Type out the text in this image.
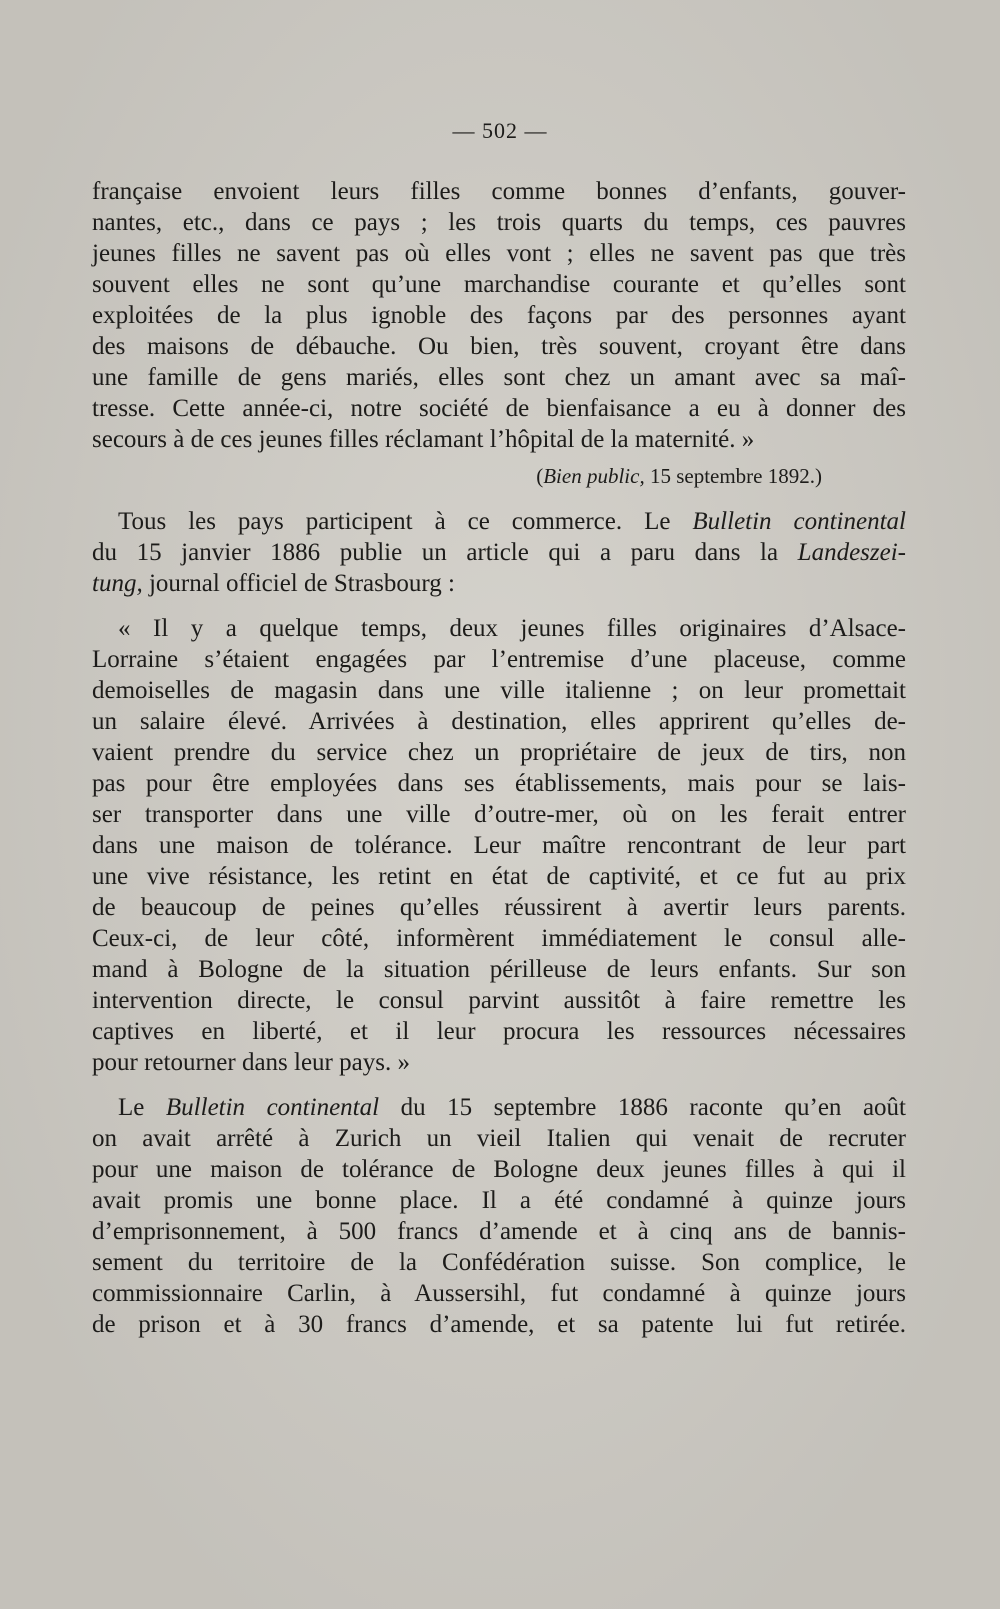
— 502 —
française envoient leurs filles comme bonnes d’enfants, gouver-
nantes, etc., dans ce pays ; les trois quarts du temps, ces pauvres
jeunes filles ne savent pas où elles vont ; elles ne savent pas que très
souvent elles ne sont qu’une marchandise courante et qu’elles sont
exploitées de la plus ignoble des façons par des personnes ayant
des maisons de débauche. Ou bien, très souvent, croyant être dans
une famille de gens mariés, elles sont chez un amant avec sa maî-
tresse. Cette année-ci, notre société de bienfaisance a eu à donner des
secours à de ces jeunes filles réclamant l’hôpital de la maternité. »
(Bien public, 15 septembre 1892.)
Tous les pays participent à ce commerce. Le Bulletin continental
du 15 janvier 1886 publie un article qui a paru dans la Landeszei-
tung, journal officiel de Strasbourg :
« Il y a quelque temps, deux jeunes filles originaires d’Alsace-
Lorraine s’étaient engagées par l’entremise d’une placeuse, comme
demoiselles de magasin dans une ville italienne ; on leur promettait
un salaire élevé. Arrivées à destination, elles apprirent qu’elles de-
vaient prendre du service chez un propriétaire de jeux de tirs, non
pas pour être employées dans ses établissements, mais pour se lais-
ser transporter dans une ville d’outre-mer, où on les ferait entrer
dans une maison de tolérance. Leur maître rencontrant de leur part
une vive résistance, les retint en état de captivité, et ce fut au prix
de beaucoup de peines qu’elles réussirent à avertir leurs parents.
Ceux-ci, de leur côté, informèrent immédiatement le consul alle-
mand à Bologne de la situation périlleuse de leurs enfants. Sur son
intervention directe, le consul parvint aussitôt à faire remettre les
captives en liberté, et il leur procura les ressources nécessaires
pour retourner dans leur pays. »
Le Bulletin continental du 15 septembre 1886 raconte qu’en août
on avait arrêté à Zurich un vieil Italien qui venait de recruter
pour une maison de tolérance de Bologne deux jeunes filles à qui il
avait promis une bonne place. Il a été condamné à quinze jours
d’emprisonnement, à 500 francs d’amende et à cinq ans de bannis-
sement du territoire de la Confédération suisse. Son complice, le
commissionnaire Carlin, à Aussersihl, fut condamné à quinze jours
de prison et à 30 francs d’amende, et sa patente lui fut retirée.
